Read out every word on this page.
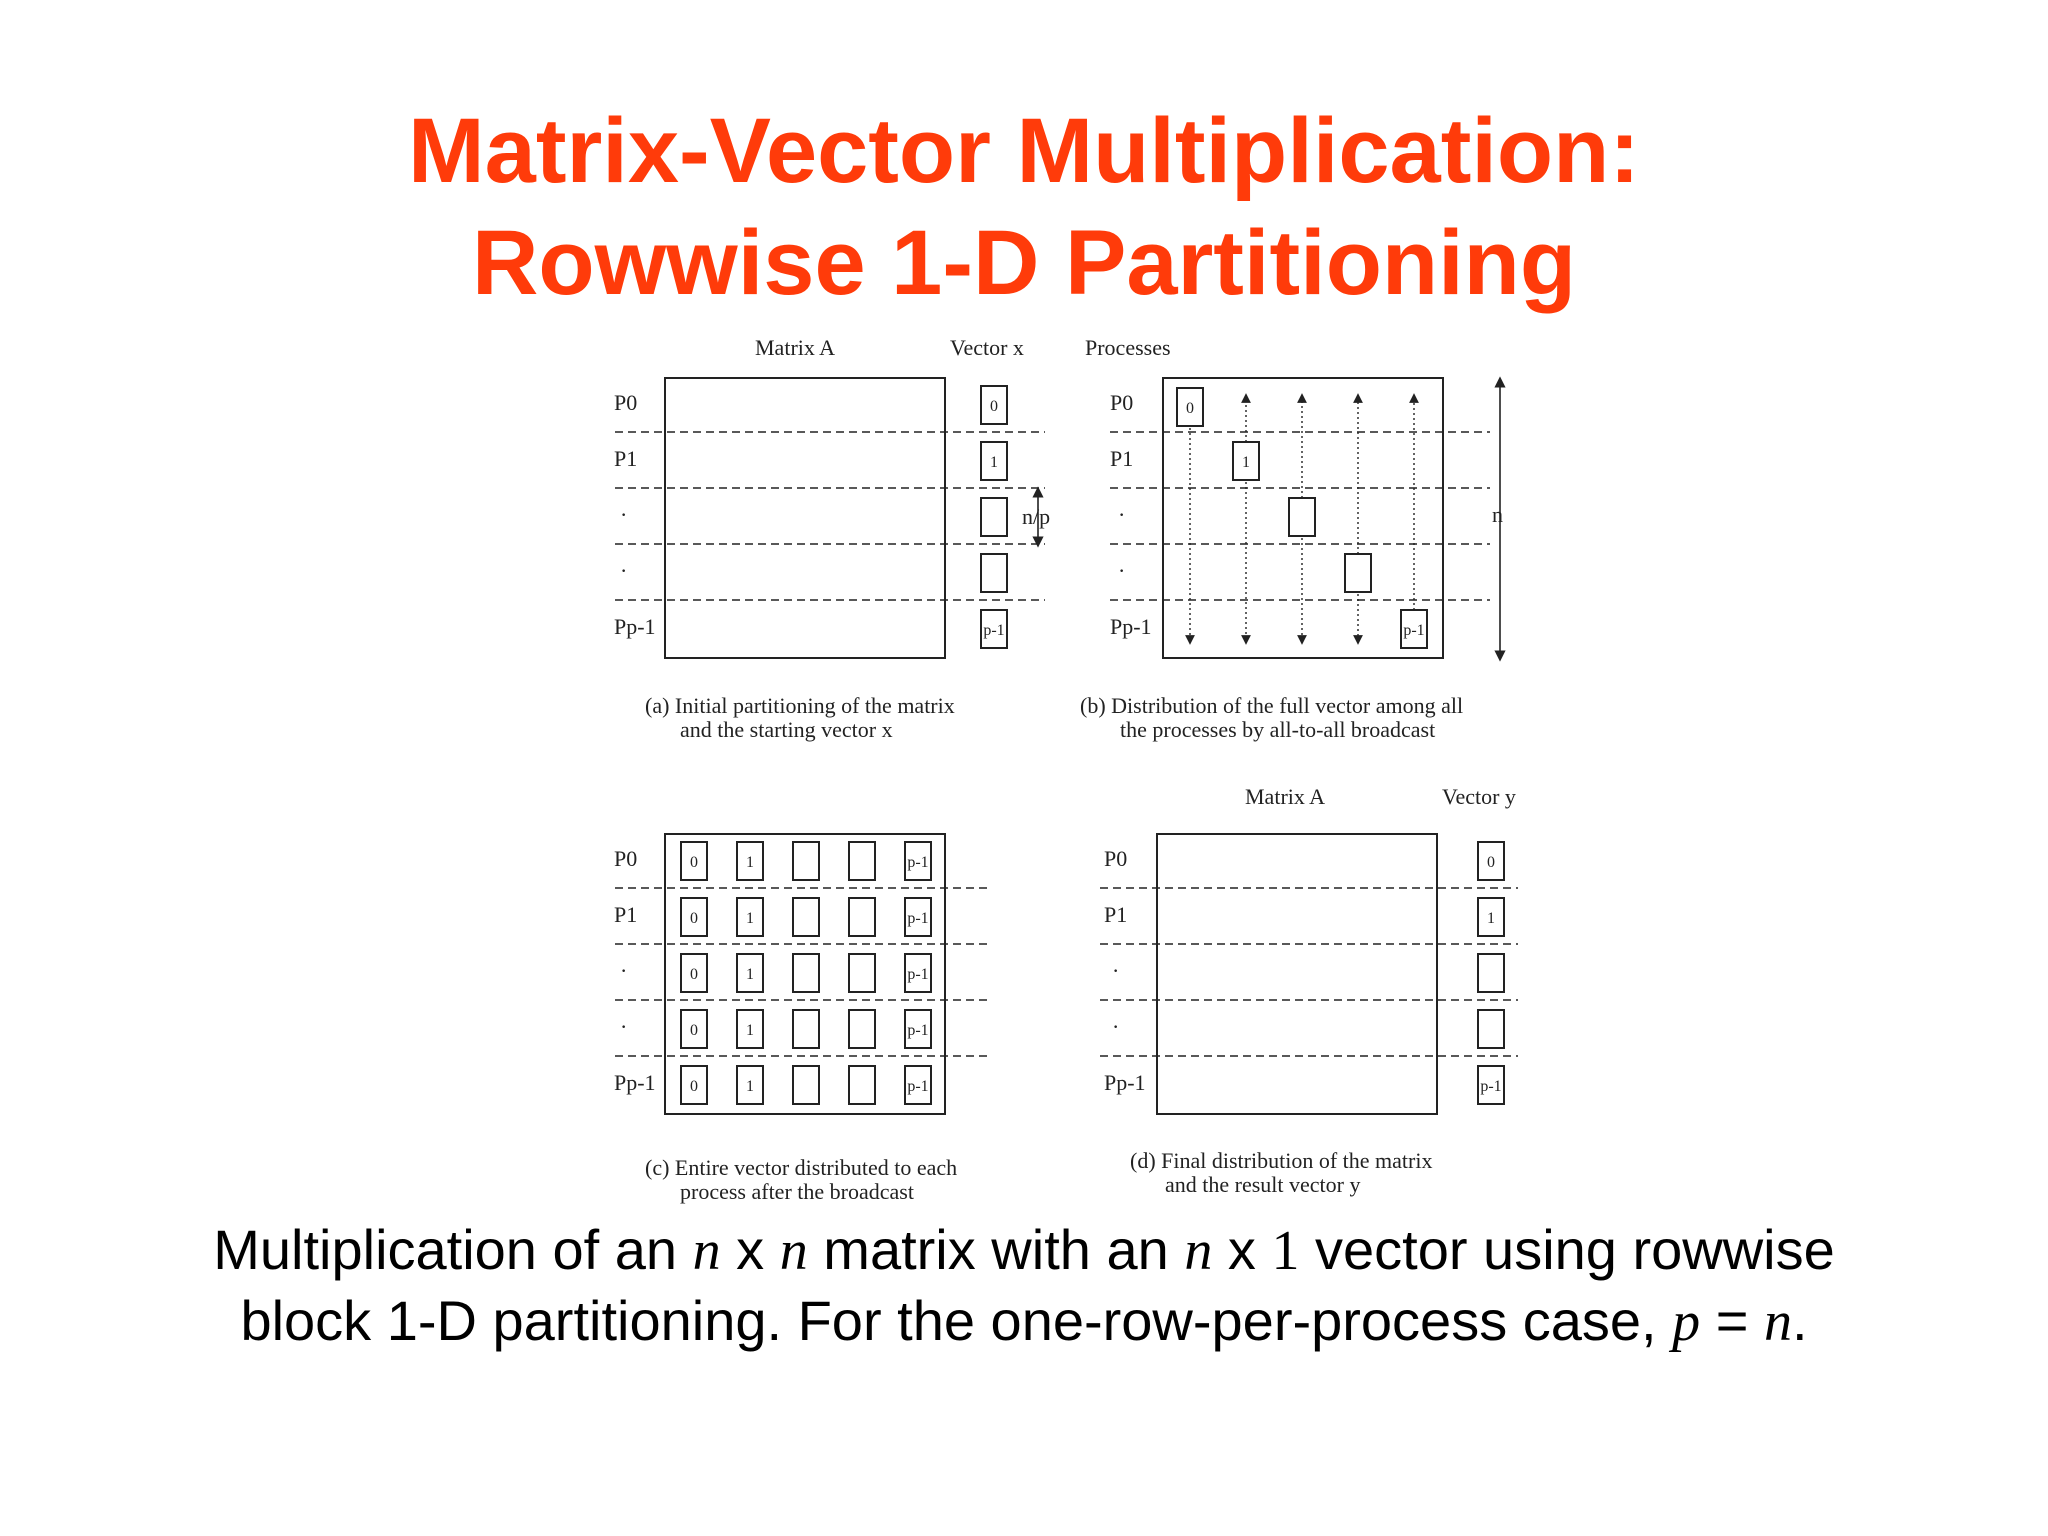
Matrix-Vector Multiplication:
Rowwise 1-D Partitioning
Matrix A	Vector x
P0
P1
·
·
Pp-1
0
1
p-1
n/p
(a) Initial partitioning of the matrix
and the starting vector x
Processes
P0
P1
·
·
Pp-1
0
1
p-1
n
(b) Distribution of the full vector among all
the processes by all-to-all broadcast
P0
P1
·
·
Pp-1
0	1	p-1
0	1	p-1
0	1	p-1
0	1	p-1
0	1	p-1
(c) Entire vector distributed to each
process after the broadcast
Matrix A	Vector y
P0
P1
·
·
Pp-1
0
1
p-1
(d) Final distribution of the matrix
and the result vector y
Multiplication of an n x n matrix with an n x 1 vector using rowwise block 1-D partitioning. For the one-row-per-process case, p = n.
